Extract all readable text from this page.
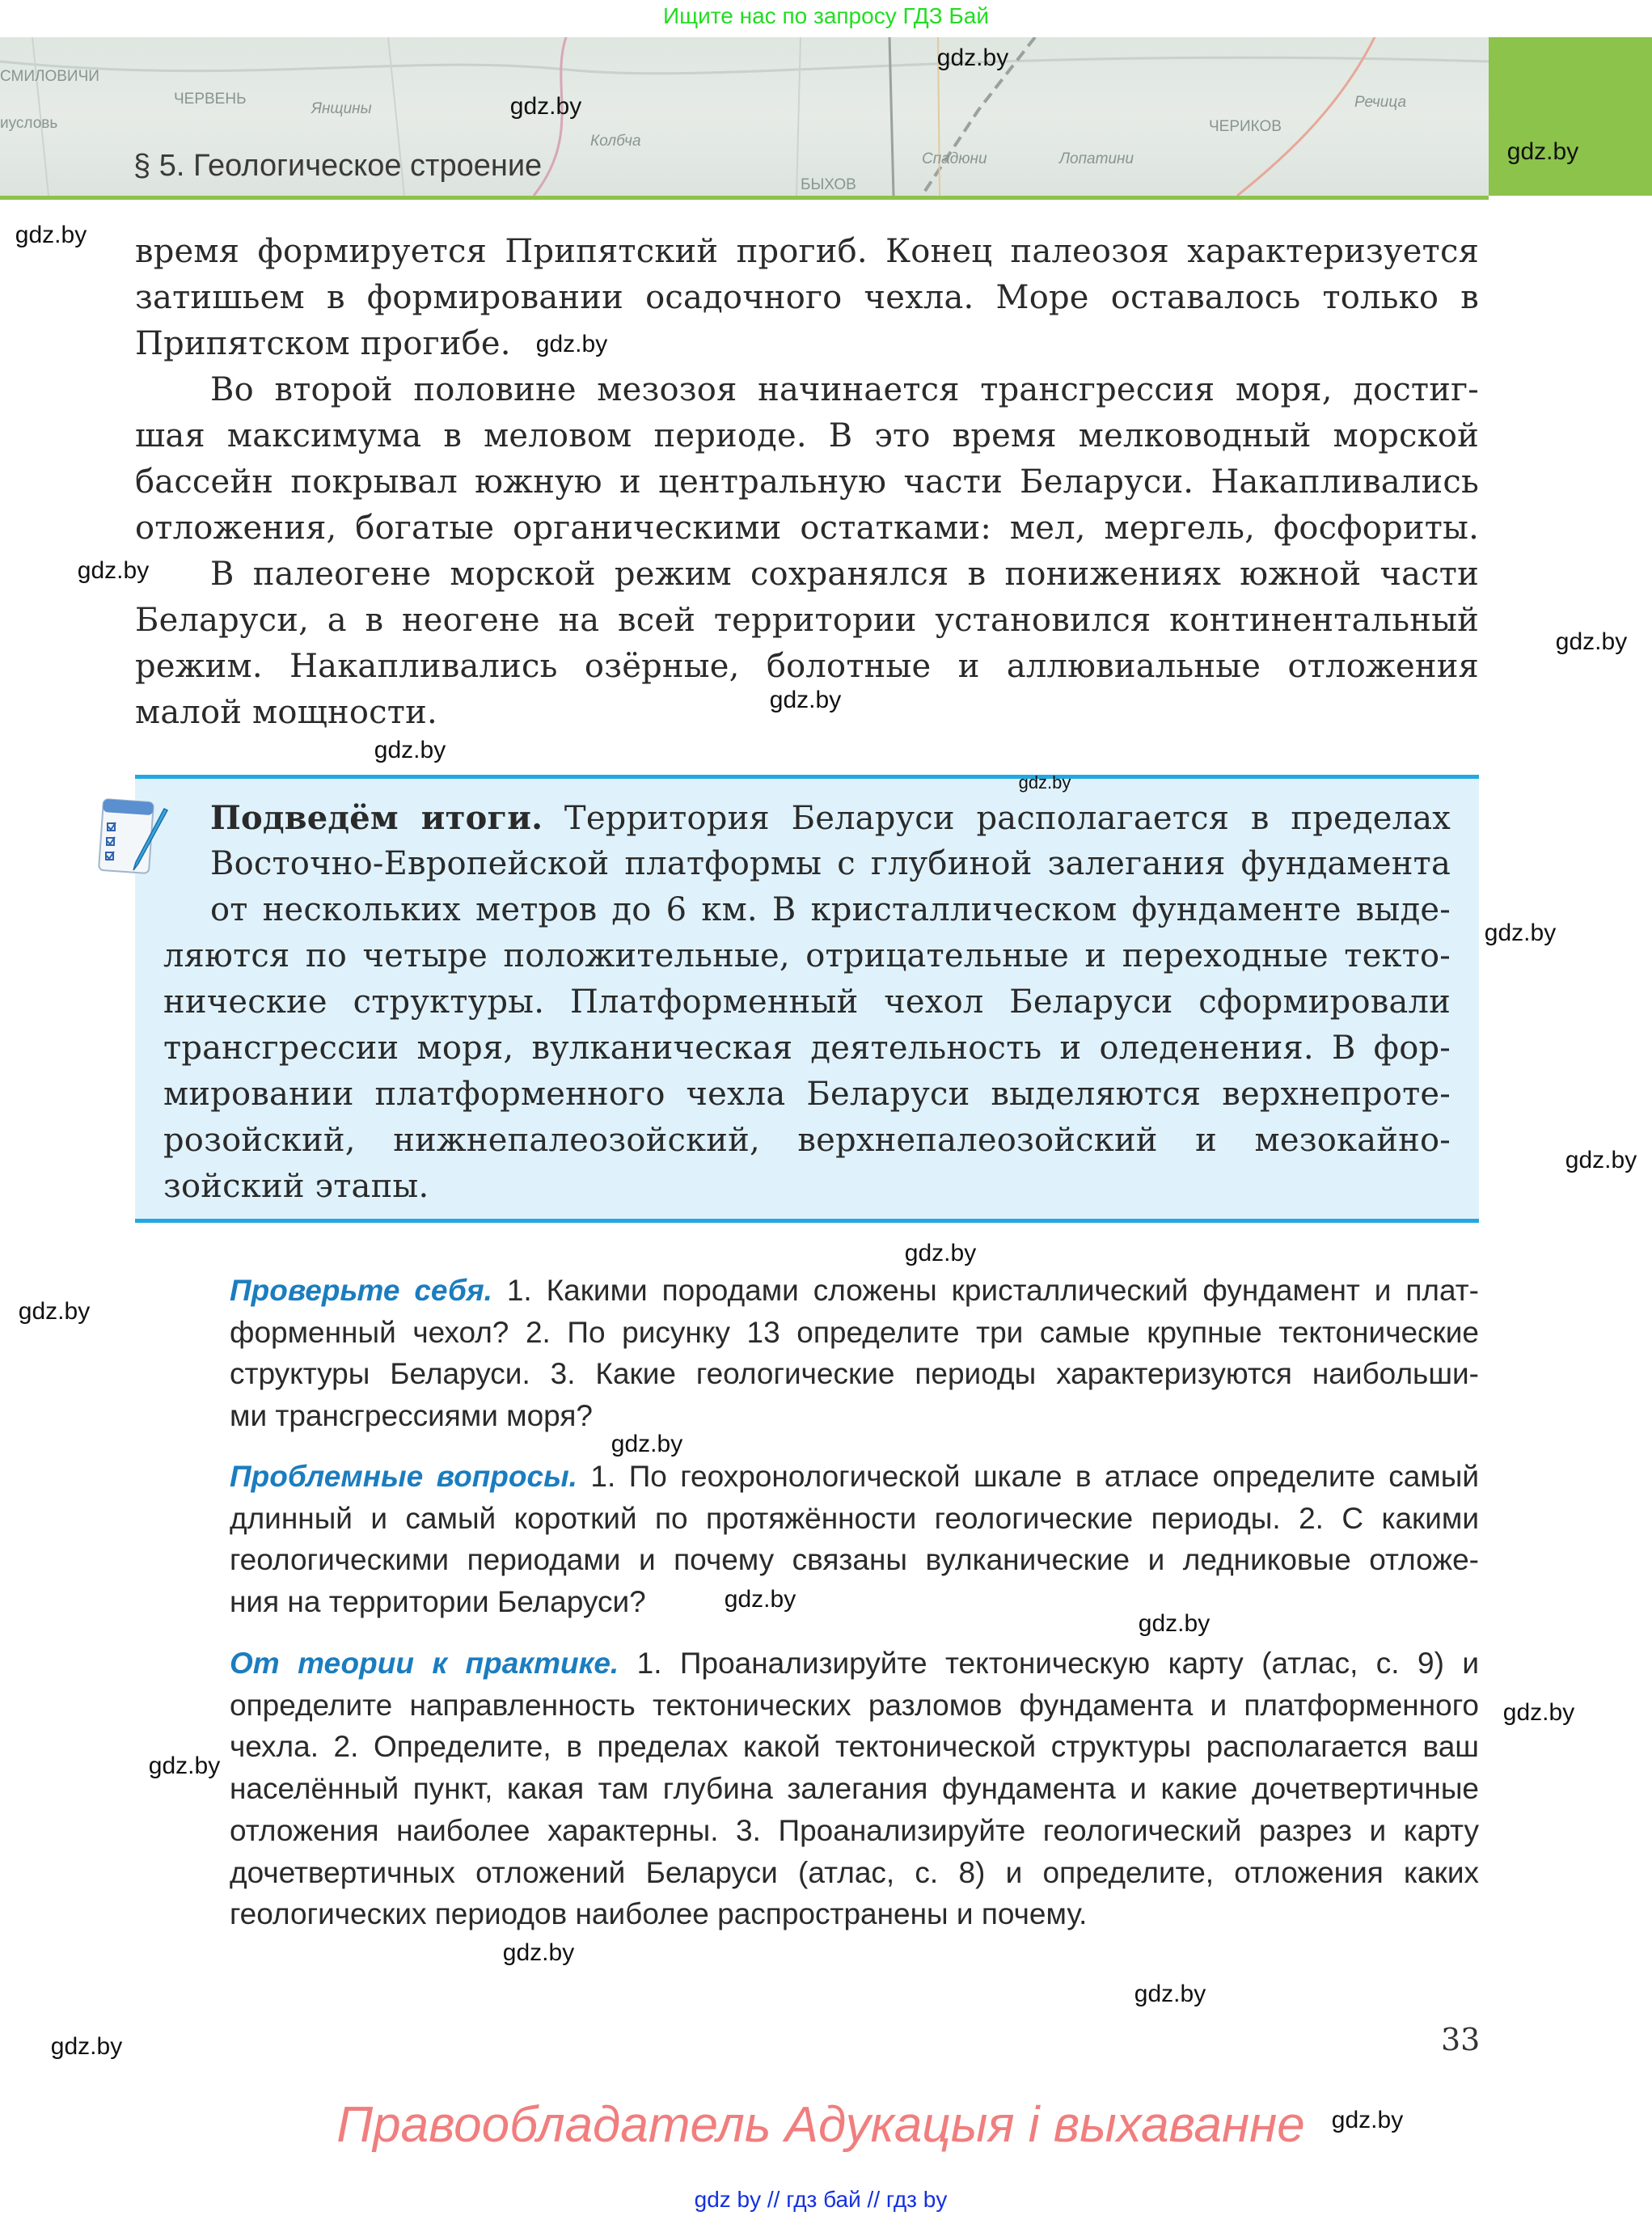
Ищите нас по запросу ГДЗ Бай
СМИЛОВИЧИ
ЧЕРВЕНЬ
ЧЕРИКОВ
Спадюни	Лопатини
Речица
Колбча
Янщины
БЫХОВ
иусловь
§ 5. Геологическое строение
время формируется Припятский прогиб. Конец палеозоя характеризуется
затишьем в формировании осадочного чехла. Море оставалось только в
Припятском прогибе.
Во второй половине мезозоя начинается трансгрессия моря, достиг-
шая максимума в меловом периоде. В это время мелководный морской
бассейн покрывал южную и центральную части Беларуси. Накапливались
отложения, богатые органическими остатками: мел, мергель, фосфориты.
В палеогене морской режим сохранялся в понижениях южной части
Беларуси, а в неогене на всей территории установился континентальный
режим. Накапливались озёрные, болотные и аллювиальные отложения
малой мощности.
Подведём итоги. Территория Беларуси располагается в пределах
Восточно-Европейской платформы с глубиной залегания фундамента
от нескольких метров до 6 км. В кристаллическом фундаменте выде-
ляются по четыре положительные, отрицательные и переходные текто-
нические структуры. Платформенный чехол Беларуси сформировали
трансгрессии моря, вулканическая деятельность и оледенения. В фор-
мировании платформенного чехла Беларуси выделяются верхнепроте-
розойский, нижнепалеозойский, верхнепалеозойский и мезокайно-
зойский этапы.
Проверьте себя. 1. Какими породами сложены кристаллический фундамент и плат-
форменный чехол? 2. По рисунку 13 определите три самые крупные тектонические
структуры Беларуси. 3. Какие геологические периоды характеризуются наибольши-
ми трансгрессиями моря?
Проблемные вопросы. 1. По геохронологической шкале в атласе определите самый
длинный и самый короткий по протяжённости геологические периоды. 2. С какими
геологическими периодами и почему связаны вулканические и ледниковые отложе-
ния на территории Беларуси?
От теории к практике. 1. Проанализируйте тектоническую карту (атлас, с. 9) и
определите направленность тектонических разломов фундамента и платформенного
чехла. 2. Определите, в пределах какой тектонической структуры располагается ваш
населённый пункт, какая там глубина залегания фундамента и какие дочетвертичные
отложения наиболее характерны. 3. Проанализируйте геологический разрез и карту
дочетвертичных отложений Беларуси (атлас, с. 8) и определите, отложения каких
геологических периодов наиболее распространены и почему.
33
Правообладатель Адукацыя і выхаванне
gdz by // гдз бай // гдз by
gdz.by
gdz.by
gdz.by
gdz.by
gdz.by
gdz.by
gdz.by
gdz.by
gdz.by
gdz.by
gdz.by
gdz.by
gdz.by
gdz.by
gdz.by
gdz.by
gdz.by
gdz.by
gdz.by
gdz.by
gdz.by
gdz.by
gdz.by
